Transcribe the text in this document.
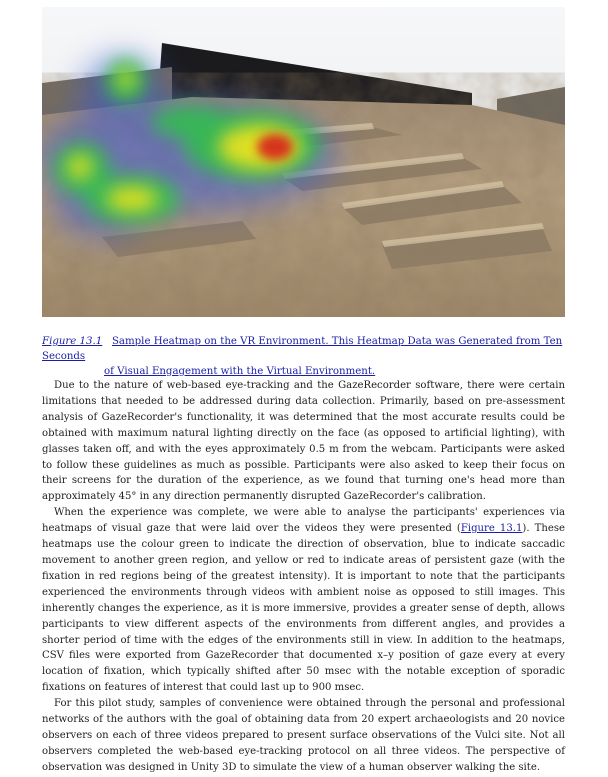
Figure 13.1 Sample Heatmap on the VR Environment. This Heatmap Data was Generated from Ten Seconds
of Visual Engagement with the Virtual Environment.

Due to the nature of web-based eye-tracking and the GazeRecorder software, there were certain limitations that needed to be addressed during data collection. Primarily, based on pre-assessment analysis of GazeRecorder's functionality, it was determined that the most accurate results could be obtained with maximum natural lighting directly on the face (as opposed to artificial lighting), with glasses taken off, and with the eyes approximately 0.5 m from the webcam. Participants were asked to follow these guidelines as much as possible. Participants were also asked to keep their focus on their screens for the duration of the experience, as we found that turning one's head more than approximately 45° in any direction permanently disrupted GazeRecorder's calibration.

When the experience was complete, we were able to analyse the participants' experiences via heatmaps of visual gaze that were laid over the videos they were presented (Figure 13.1). These heatmaps use the colour green to indicate the direction of observation, blue to indicate saccadic movement to another green region, and yellow or red to indicate areas of persistent gaze (with the fixation in red regions being of the greatest intensity). It is important to note that the participants experienced the environments through videos with ambient noise as opposed to still images. This inherently changes the experience, as it is more immersive, provides a greater sense of depth, allows participants to view different aspects of the environments from different angles, and provides a shorter period of time with the edges of the environments still in view. In addition to the heatmaps, CSV files were exported from GazeRecorder that documented x–y position of gaze every at every location of fixation, which typically shifted after 50 msec with the notable exception of sporadic fixations on features of interest that could last up to 900 msec.

For this pilot study, samples of convenience were obtained through the personal and professional networks of the authors with the goal of obtaining data from 20 expert archaeologists and 20 novice observers on each of three videos prepared to present surface observations of the Vulci site. Not all observers completed the web-based eye-tracking protocol on all three videos. The perspective of observation was designed in Unity 3D to simulate the view of a human observer walking the site.
